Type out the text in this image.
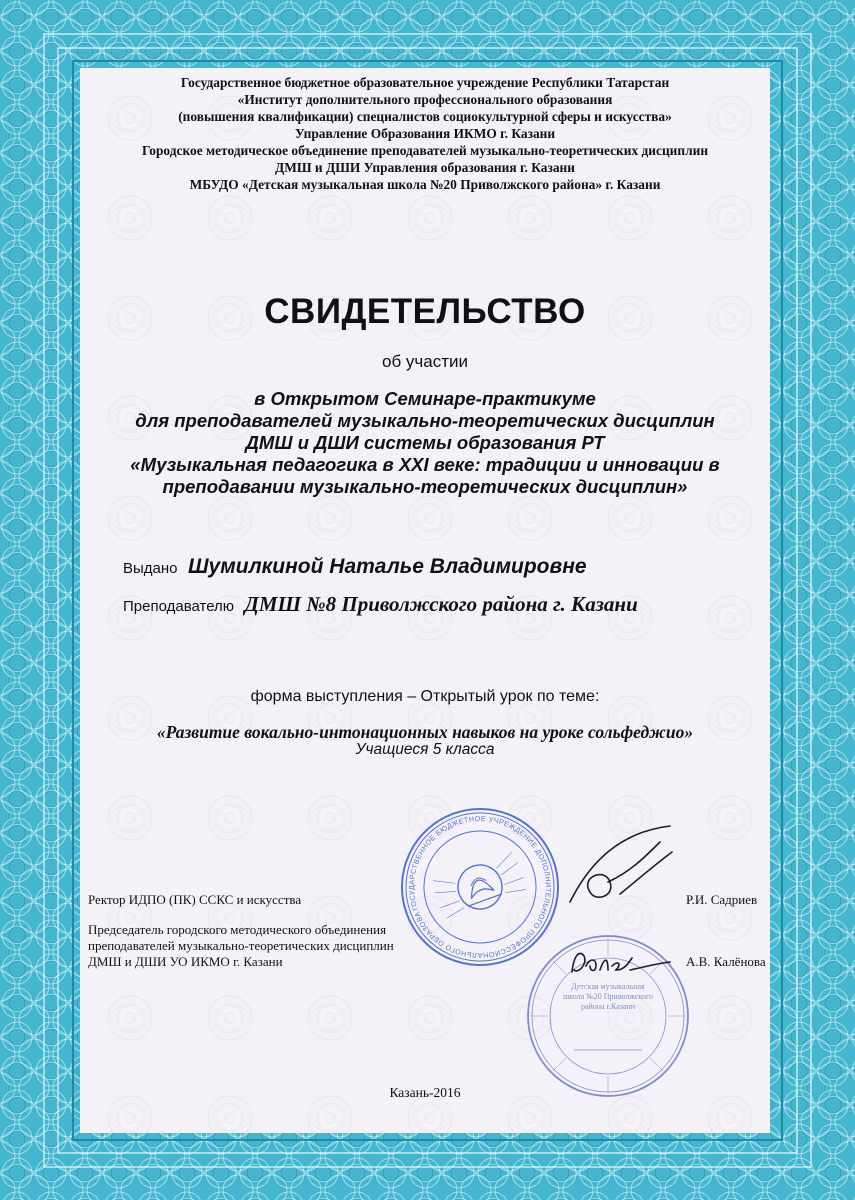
Государственное бюджетное образовательное учреждение Республики Татарстан
«Институт дополнительного профессионального образования
(повышения квалификации) специалистов социокультурной сферы и искусства»
Управление Образования ИКМО г. Казани
Городское методическое объединение преподавателей музыкально-теоретических дисциплин
ДМШ и ДШИ Управления образования г. Казани
МБУДО «Детская музыкальная школа №20 Приволжского района» г. Казани
СВИДЕТЕЛЬСТВО
об участии
в Открытом Семинаре-практикуме
для преподавателей музыкально-теоретических дисциплин
ДМШ и ДШИ системы образования РТ
«Музыкальная педагогика в XXI веке: традиции и инновации в
преподавании музыкально-теоретических дисциплин»
Выдано Шумилкиной Наталье Владимировне
Преподавателю ДМШ №8 Приволжского района г. Казани
форма выступления – Открытый урок по теме:
«Развитие вокально-интонационных навыков на уроке сольфеджио»
Учащиеся 5 класса
Ректор ИДПО (ПК) ССКС и искусства	Р.И. Садриев
Председатель городского методического объединения
преподавателей музыкально-теоретических дисциплин
ДМШ и ДШИ УО ИКМО г. Казани	А.В. Калёнова
ГОСУДАРСТВЕННОЕ БЮДЖЕТНОЕ УЧРЕЖДЕНИЕ ДОПОЛНИТЕЛЬНОГО ПРОФЕССИОНАЛЬНОГО ОБРАЗОВАНИЯ
Детская музыкальная школа №20 Приволжского района г.Казани
Казань-2016
